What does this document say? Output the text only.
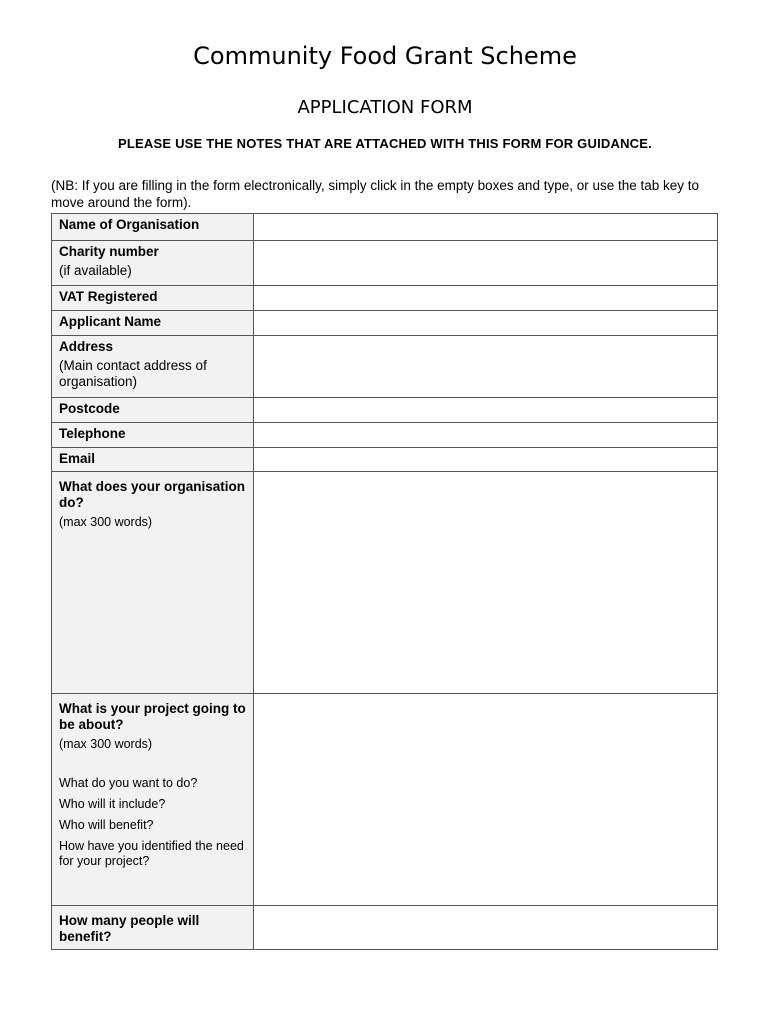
Community Food Grant Scheme
APPLICATION FORM
PLEASE USE THE NOTES THAT ARE ATTACHED WITH THIS FORM FOR GUIDANCE.
(NB: If you are filling in the form electronically, simply click in the empty boxes and type, or use the tab key to move around the form).
Name of Organisation
Charity number
(if available)
VAT Registered
Applicant Name
Address
(Main contact address of organisation)
Postcode
Telephone
Email
What does your organisation do?
(max 300 words)
What is your project going to be about?
(max 300 words)
What do you want to do?
Who will it include?
Who will benefit?
How have you identified the need for your project?
How many people will benefit?
